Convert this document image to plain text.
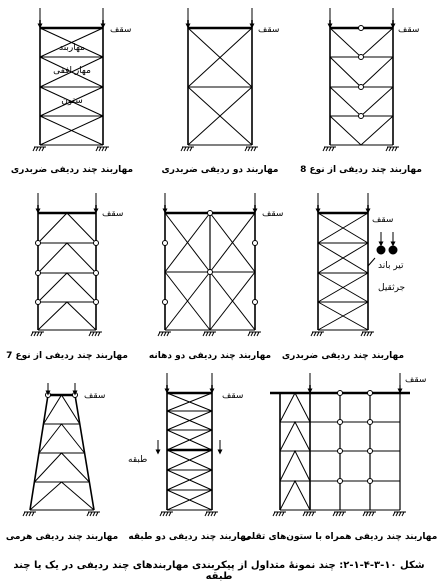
سقف
مهاربند
مهار افقی
ستون
مهاربند چند ردیفی ضربدری
سقف
مهاربند دو ردیفی ضربدری
سقف
مهاربند چند ردیفی از نوع 8
سقف
مهاربند چند ردیفی از نوع 7
سقف
مهاربند چند ردیفی دو دهانه
سقف
تیر باند
جرثقیل
مهاربند چند ردیفی ضربدری
سقف
مهاربند چند ردیفی هرمی
سقف
طبقه
مهاربند چند ردیفی دو طبقه
سقف
مهاربند چند ردیفی همراه با ستون‌های تقلی
شکل ۱۰-۳-۴-۱-۲: چند نمونهٔ متداول از پیکربندی مهاربندهای چند ردیفی در یک یا چند طبقه
